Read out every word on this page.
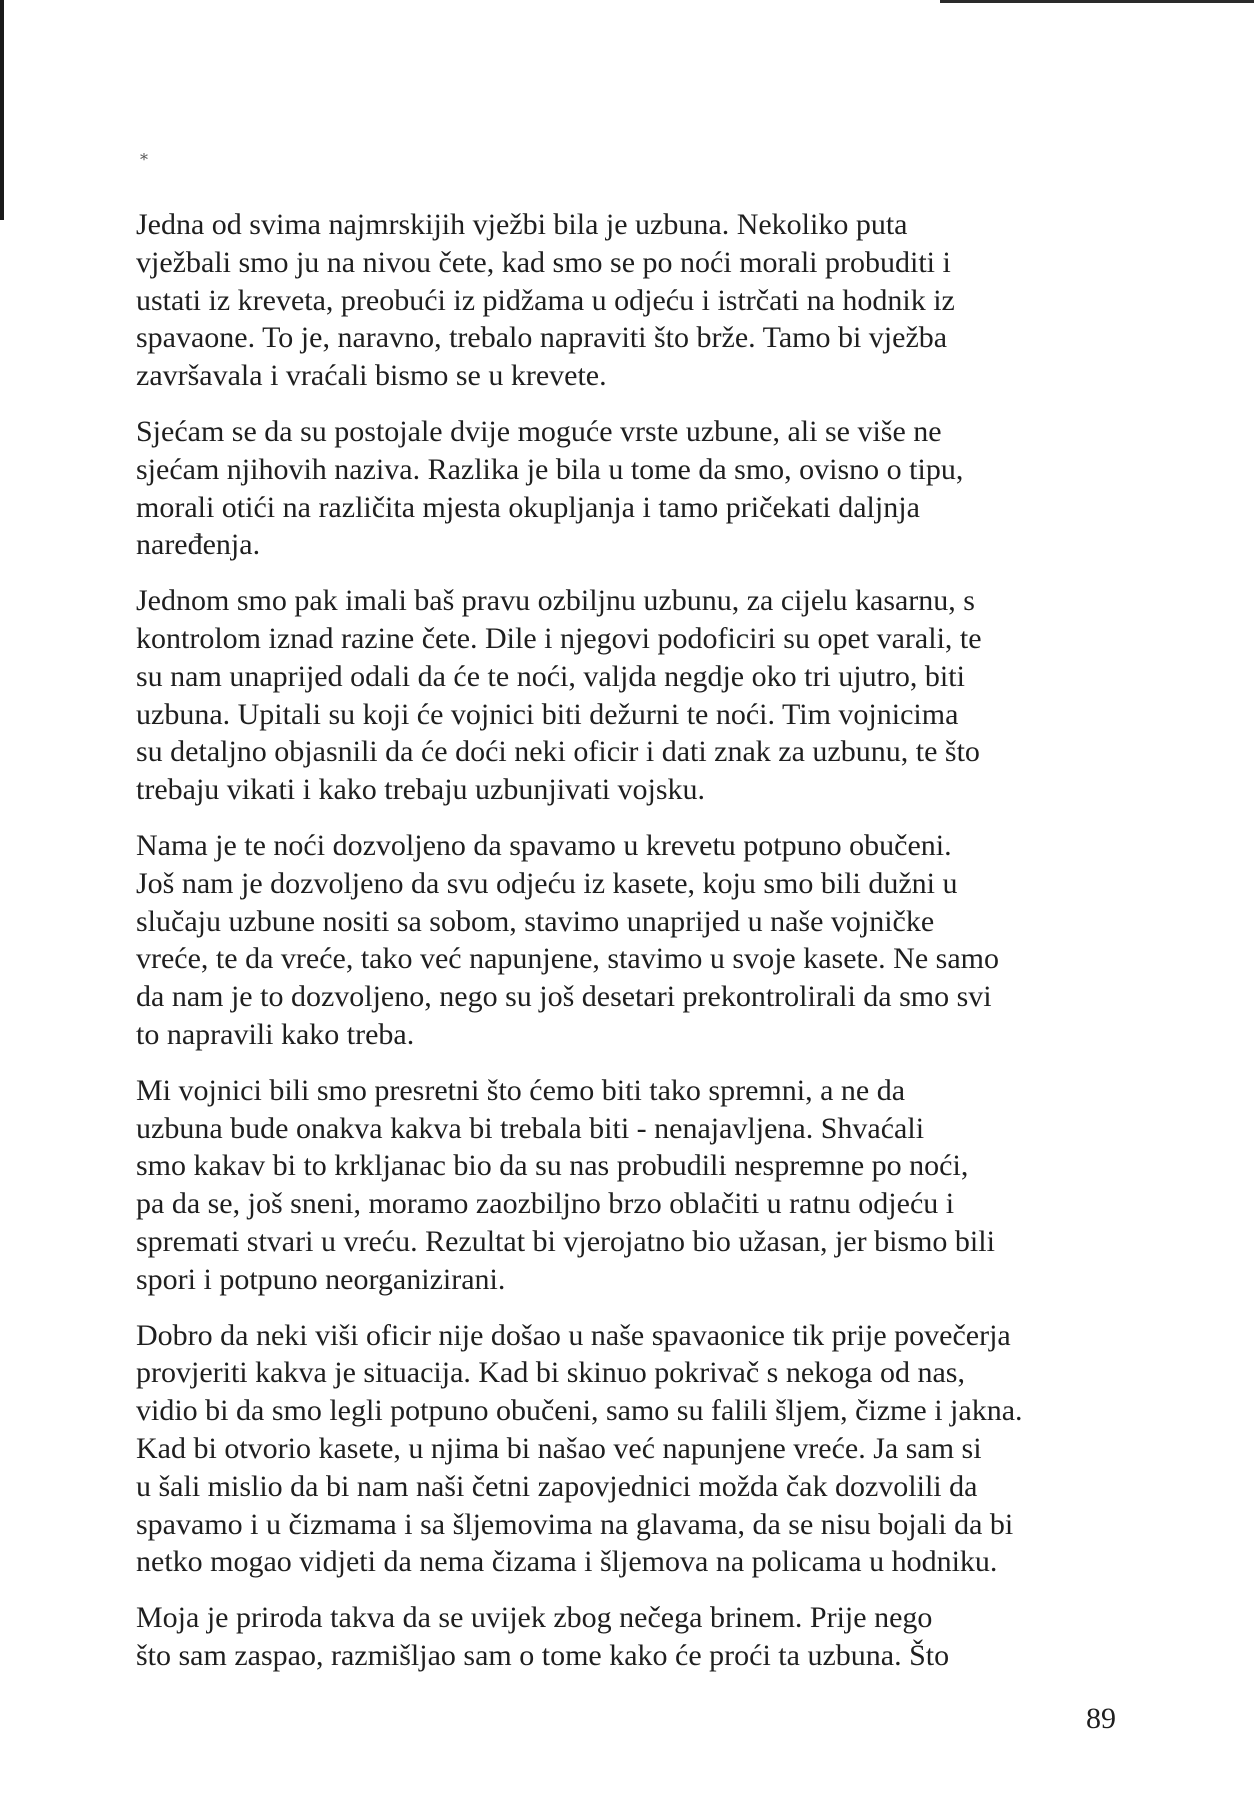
*

Jedna od svima najmrskijih vježbi bila je uzbuna. Nekoliko puta
vježbali smo ju na nivou čete, kad smo se po noći morali probuditi i
ustati iz kreveta, preobući iz pidžama u odjeću i istrčati na hodnik iz
spavaone. To je, naravno, trebalo napraviti što brže. Tamo bi vježba
završavala i vraćali bismo se u krevete.

Sjećam se da su postojale dvije moguće vrste uzbune, ali se više ne
sjećam njihovih naziva. Razlika je bila u tome da smo, ovisno o tipu,
morali otići na različita mjesta okupljanja i tamo pričekati daljnja
naređenja.

Jednom smo pak imali baš pravu ozbiljnu uzbunu, za cijelu kasarnu, s
kontrolom iznad razine čete. Dile i njegovi podoficiri su opet varali, te
su nam unaprijed odali da će te noći, valjda negdje oko tri ujutro, biti
uzbuna. Upitali su koji će vojnici biti dežurni te noći. Tim vojnicima
su detaljno objasnili da će doći neki oficir i dati znak za uzbunu, te što
trebaju vikati i kako trebaju uzbunjivati vojsku.

Nama je te noći dozvoljeno da spavamo u krevetu potpuno obučeni.
Još nam je dozvoljeno da svu odjeću iz kasete, koju smo bili dužni u
slučaju uzbune nositi sa sobom, stavimo unaprijed u naše vojničke
vreće, te da vreće, tako već napunjene, stavimo u svoje kasete. Ne samo
da nam je to dozvoljeno, nego su još desetari prekontrolirali da smo svi
to napravili kako treba.

Mi vojnici bili smo presretni što ćemo biti tako spremni, a ne da
uzbuna bude onakva kakva bi trebala biti - nenajavljena. Shvaćali
smo kakav bi to krkljanac bio da su nas probudili nespremne po noći,
pa da se, još sneni, moramo zaozbiljno brzo oblačiti u ratnu odjeću i
spremati stvari u vreću. Rezultat bi vjerojatno bio užasan, jer bismo bili
spori i potpuno neorganizirani.

Dobro da neki viši oficir nije došao u naše spavaonice tik prije povečerja
provjeriti kakva je situacija. Kad bi skinuo pokrivač s nekoga od nas,
vidio bi da smo legli potpuno obučeni, samo su falili šljem, čizme i jakna.
Kad bi otvorio kasete, u njima bi našao već napunjene vreće. Ja sam si
u šali mislio da bi nam naši četni zapovjednici možda čak dozvolili da
spavamo i u čizmama i sa šljemovima na glavama, da se nisu bojali da bi
netko mogao vidjeti da nema čizama i šljemova na policama u hodniku.

Moja je priroda takva da se uvijek zbog nečega brinem. Prije nego
što sam zaspao, razmišljao sam o tome kako će proći ta uzbuna. Što

89
